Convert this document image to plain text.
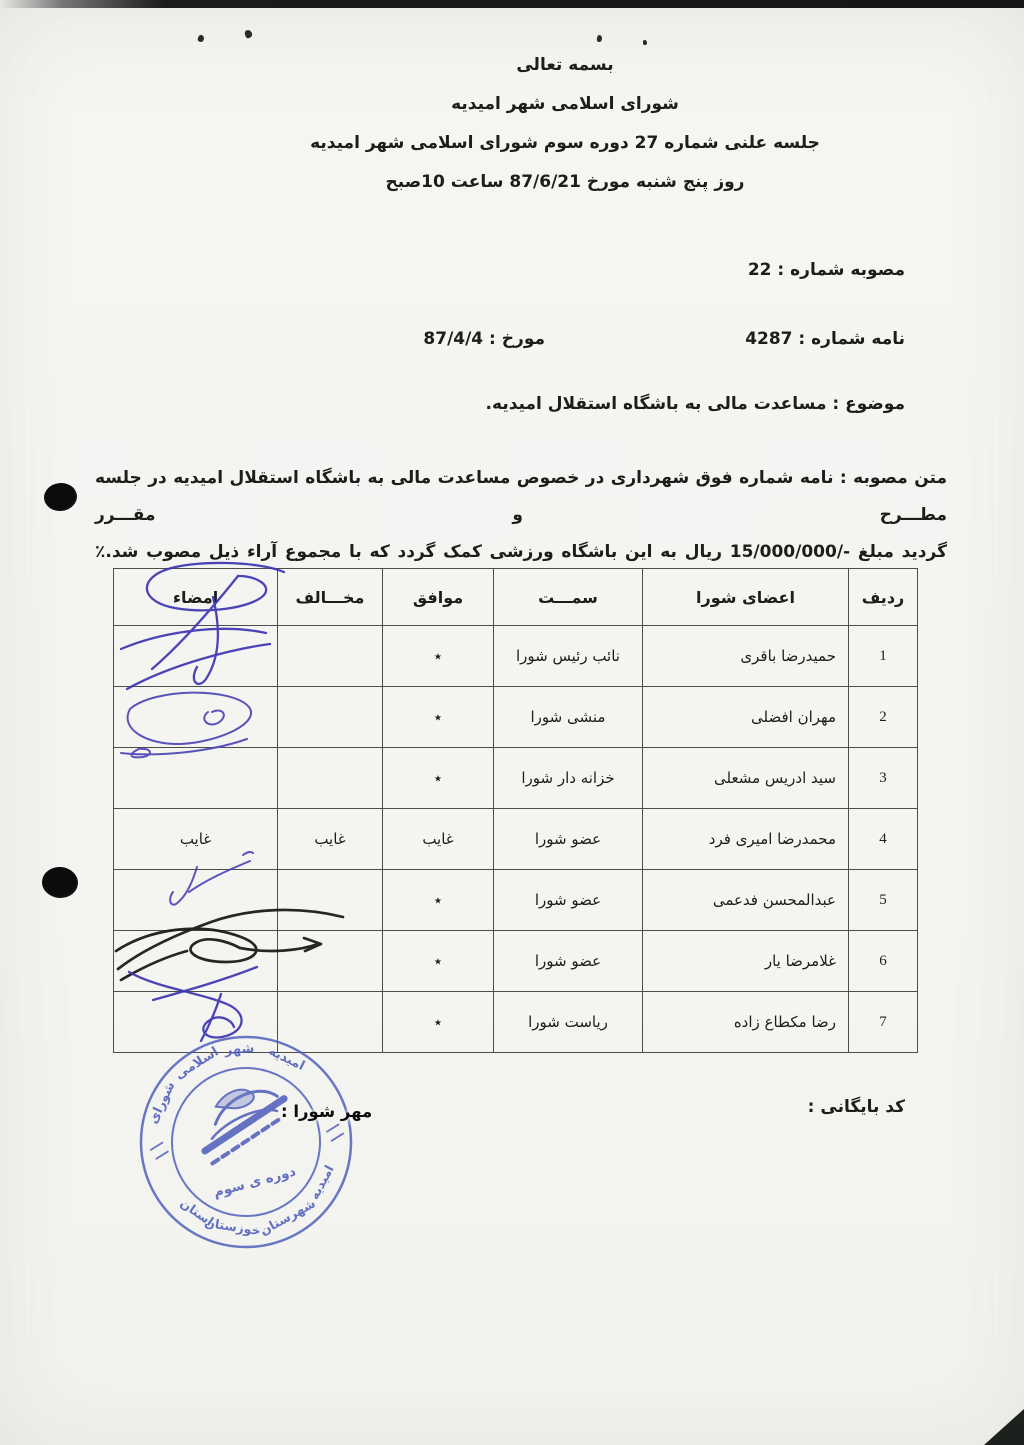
بسمه تعالی
شورای اسلامی شهر امیدیه
جلسه علنی شماره 27 دوره سوم شورای اسلامی شهر امیدیه
روز پنج شنبه مورخ 87/6/21 ساعت 10صبح
مصوبه شماره : 22
نامه شماره : 4287
مورخ : 87/4/4
موضوع : مساعدت مالی به باشگاه استقلال امیدیه.
متن مصوبه : نامه شماره فوق شهرداری در خصوص مساعدت مالی به باشگاه استقلال امیدیه در جلسه مطـــرح و مقـــرر
گردید مبلغ -/15/000/000 ریال به این باشگاه ورزشی کمک گردد که با مجموع آراء ذیل مصوب شد.٪
ردیف	اعضای شورا	سمـــت	موافق	مخـــالف	امضاء
1	حمیدرضا باقری	نائب رئیس شورا	٭		
2	مهران افضلی	منشی شورا	٭		
3	سید ادریس مشعلی	خزانه دار شورا	٭		
4	محمدرضا امیری فرد	عضو شورا	غایب	غایب	غایب
5	عبدالمحسن فدعمی	عضو شورا	٭		
6	غلامرضا یار	عضو شورا	٭		
7	رضا مکطاع زاده	ریاست شورا	٭		
شورای
اسلامی شهر امیدیه
استان
خوزستان
شهرستان
امیدیه
دوره ی سوم
مهر شورا :	کد بایگانی :
